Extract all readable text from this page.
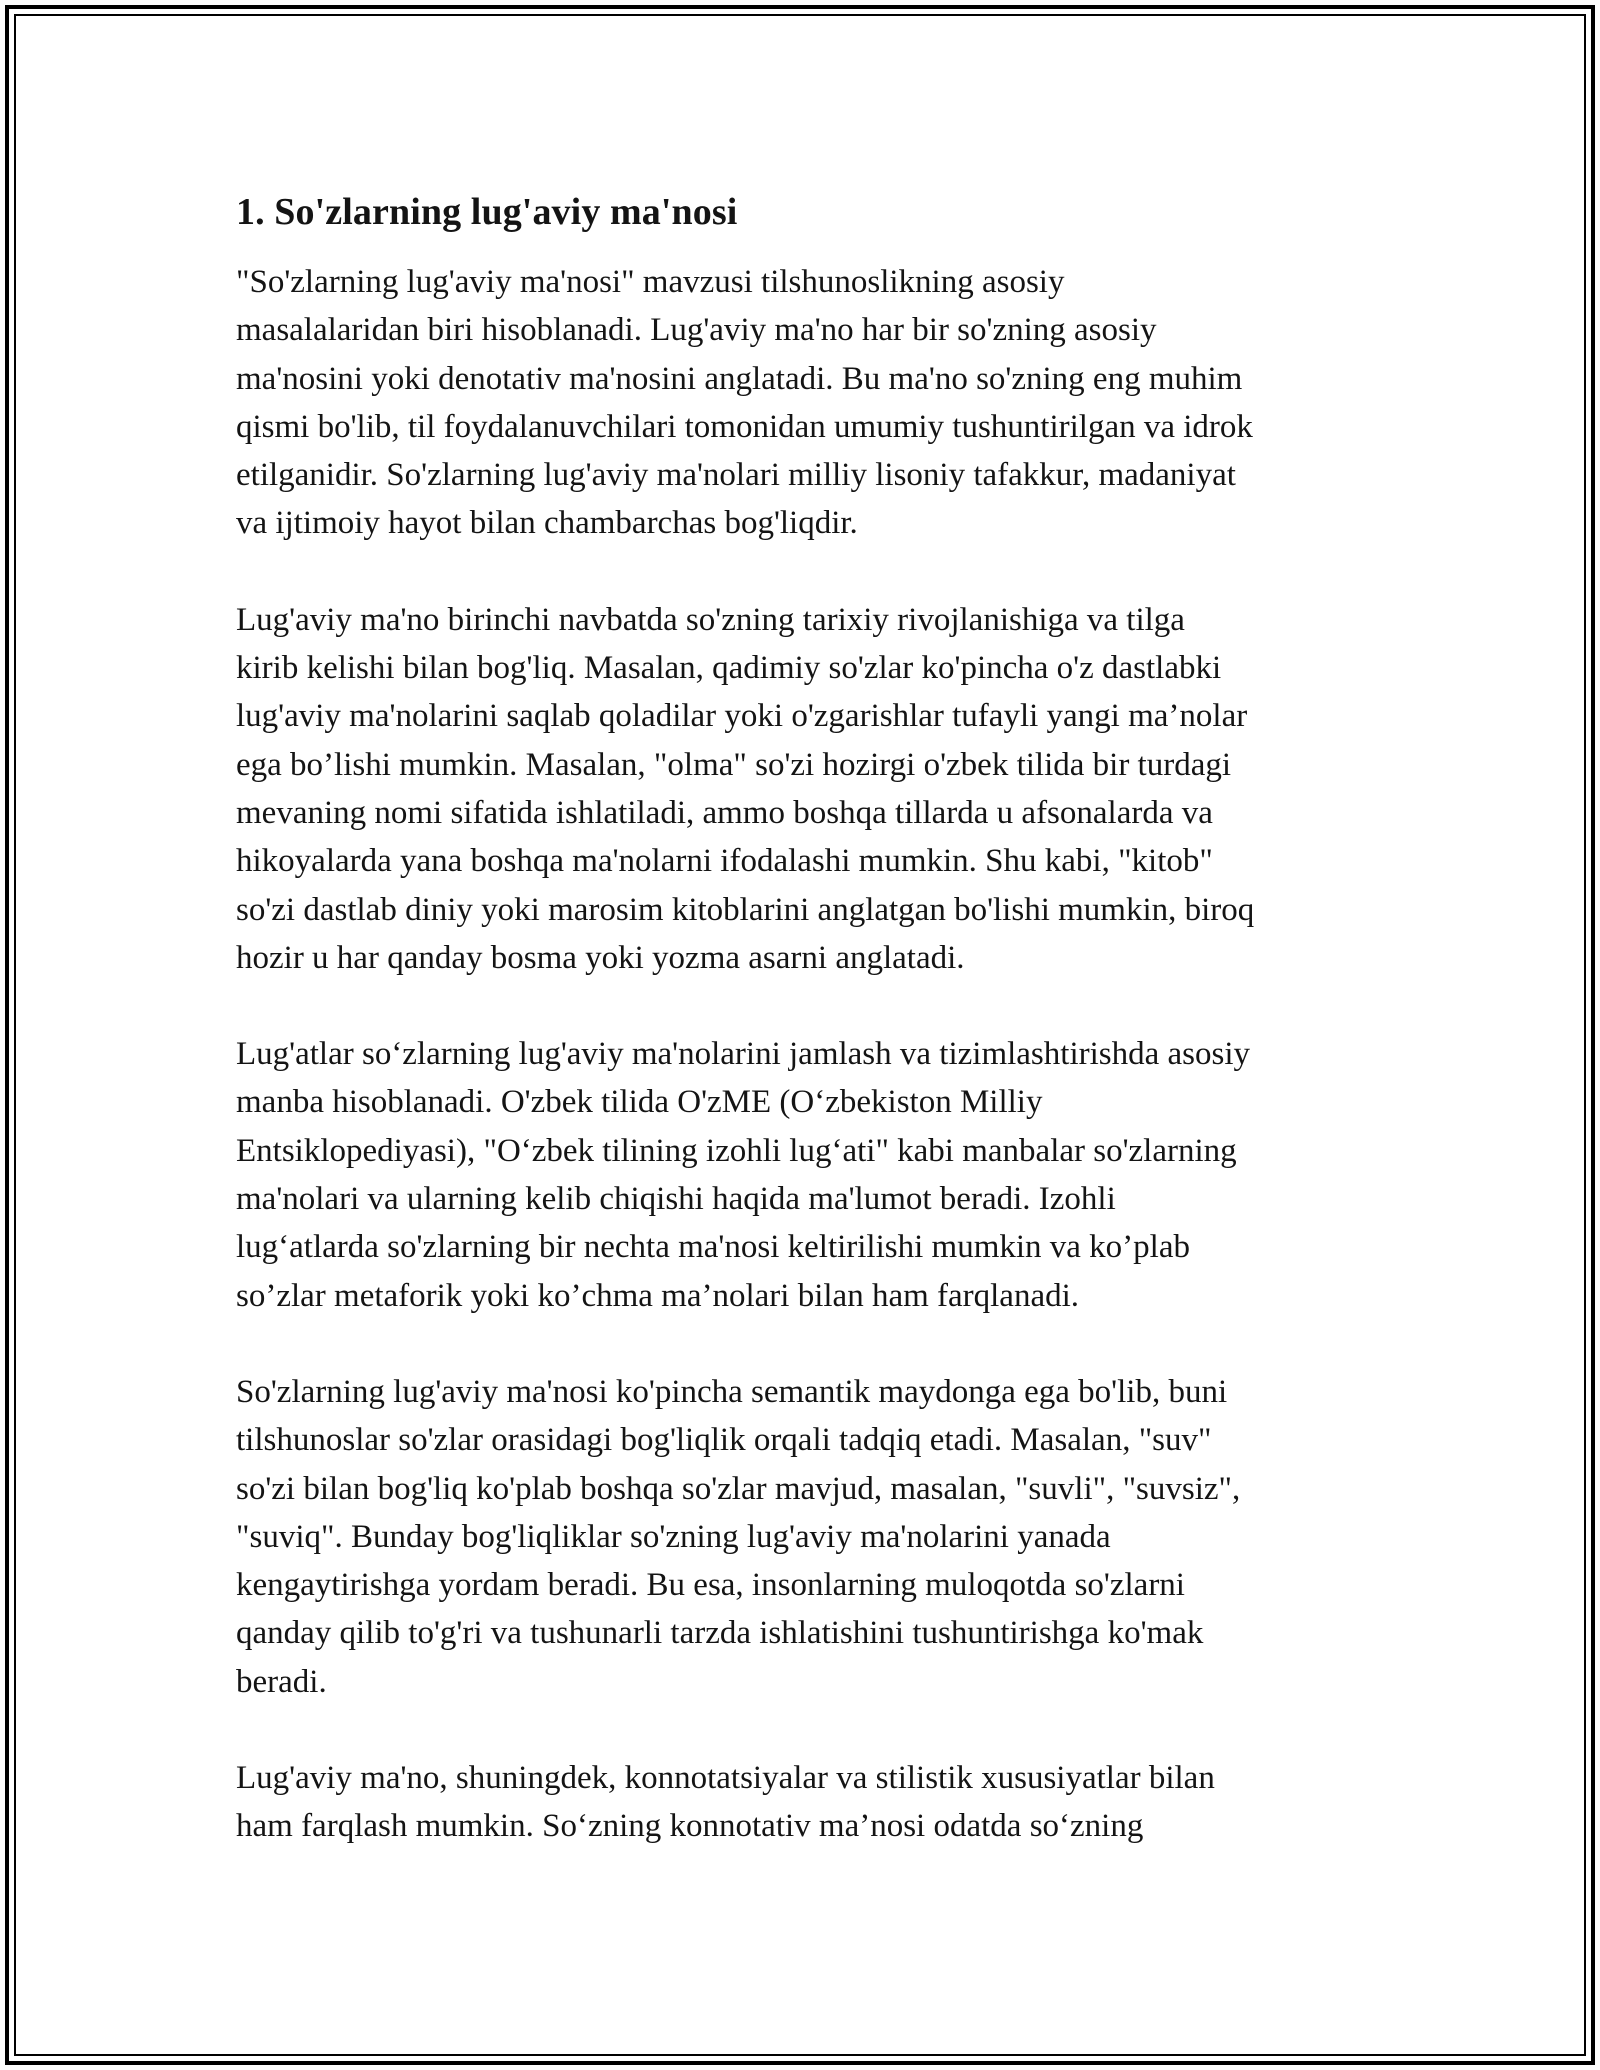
1. So'zlarning lug'aviy ma'nosi

"So'zlarning lug'aviy ma'nosi" mavzusi tilshunoslikning asosiy
masalalaridan biri hisoblanadi. Lug'aviy ma'no har bir so'zning asosiy
ma'nosini yoki denotativ ma'nosini anglatadi. Bu ma'no so'zning eng muhim
qismi bo'lib, til foydalanuvchilari tomonidan umumiy tushuntirilgan va idrok
etilganidir. So'zlarning lug'aviy ma'nolari milliy lisoniy tafakkur, madaniyat
va ijtimoiy hayot bilan chambarchas bog'liqdir.

Lug'aviy ma'no birinchi navbatda so'zning tarixiy rivojlanishiga va tilga
kirib kelishi bilan bog'liq. Masalan, qadimiy so'zlar ko'pincha o'z dastlabki
lug'aviy ma'nolarini saqlab qoladilar yoki o'zgarishlar tufayli yangi ma’nolar
ega bo’lishi mumkin. Masalan, "olma" so'zi hozirgi o'zbek tilida bir turdagi
mevaning nomi sifatida ishlatiladi, ammo boshqa tillarda u afsonalarda va
hikoyalarda yana boshqa ma'nolarni ifodalashi mumkin. Shu kabi, "kitob"
so'zi dastlab diniy yoki marosim kitoblarini anglatgan bo'lishi mumkin, biroq
hozir u har qanday bosma yoki yozma asarni anglatadi.

Lug'atlar so‘zlarning lug'aviy ma'nolarini jamlash va tizimlashtirishda asosiy
manba hisoblanadi. O'zbek tilida O'zME (O‘zbekiston Milliy
Entsiklopediyasi), "O‘zbek tilining izohli lug‘ati" kabi manbalar so'zlarning
ma'nolari va ularning kelib chiqishi haqida ma'lumot beradi. Izohli
lug‘atlarda so'zlarning bir nechta ma'nosi keltirilishi mumkin va ko’plab
so’zlar metaforik yoki ko’chma ma’nolari bilan ham farqlanadi.

So'zlarning lug'aviy ma'nosi ko'pincha semantik maydonga ega bo'lib, buni
tilshunoslar so'zlar orasidagi bog'liqlik orqali tadqiq etadi. Masalan, "suv"
so'zi bilan bog'liq ko'plab boshqa so'zlar mavjud, masalan, "suvli", "suvsiz",
"suviq". Bunday bog'liqliklar so'zning lug'aviy ma'nolarini yanada
kengaytirishga yordam beradi. Bu esa, insonlarning muloqotda so'zlarni
qanday qilib to'g'ri va tushunarli tarzda ishlatishini tushuntirishga ko'mak
beradi.

Lug'aviy ma'no, shuningdek, konnotatsiyalar va stilistik xususiyatlar bilan
ham farqlash mumkin. So‘zning konnotativ ma’nosi odatda so‘zning
